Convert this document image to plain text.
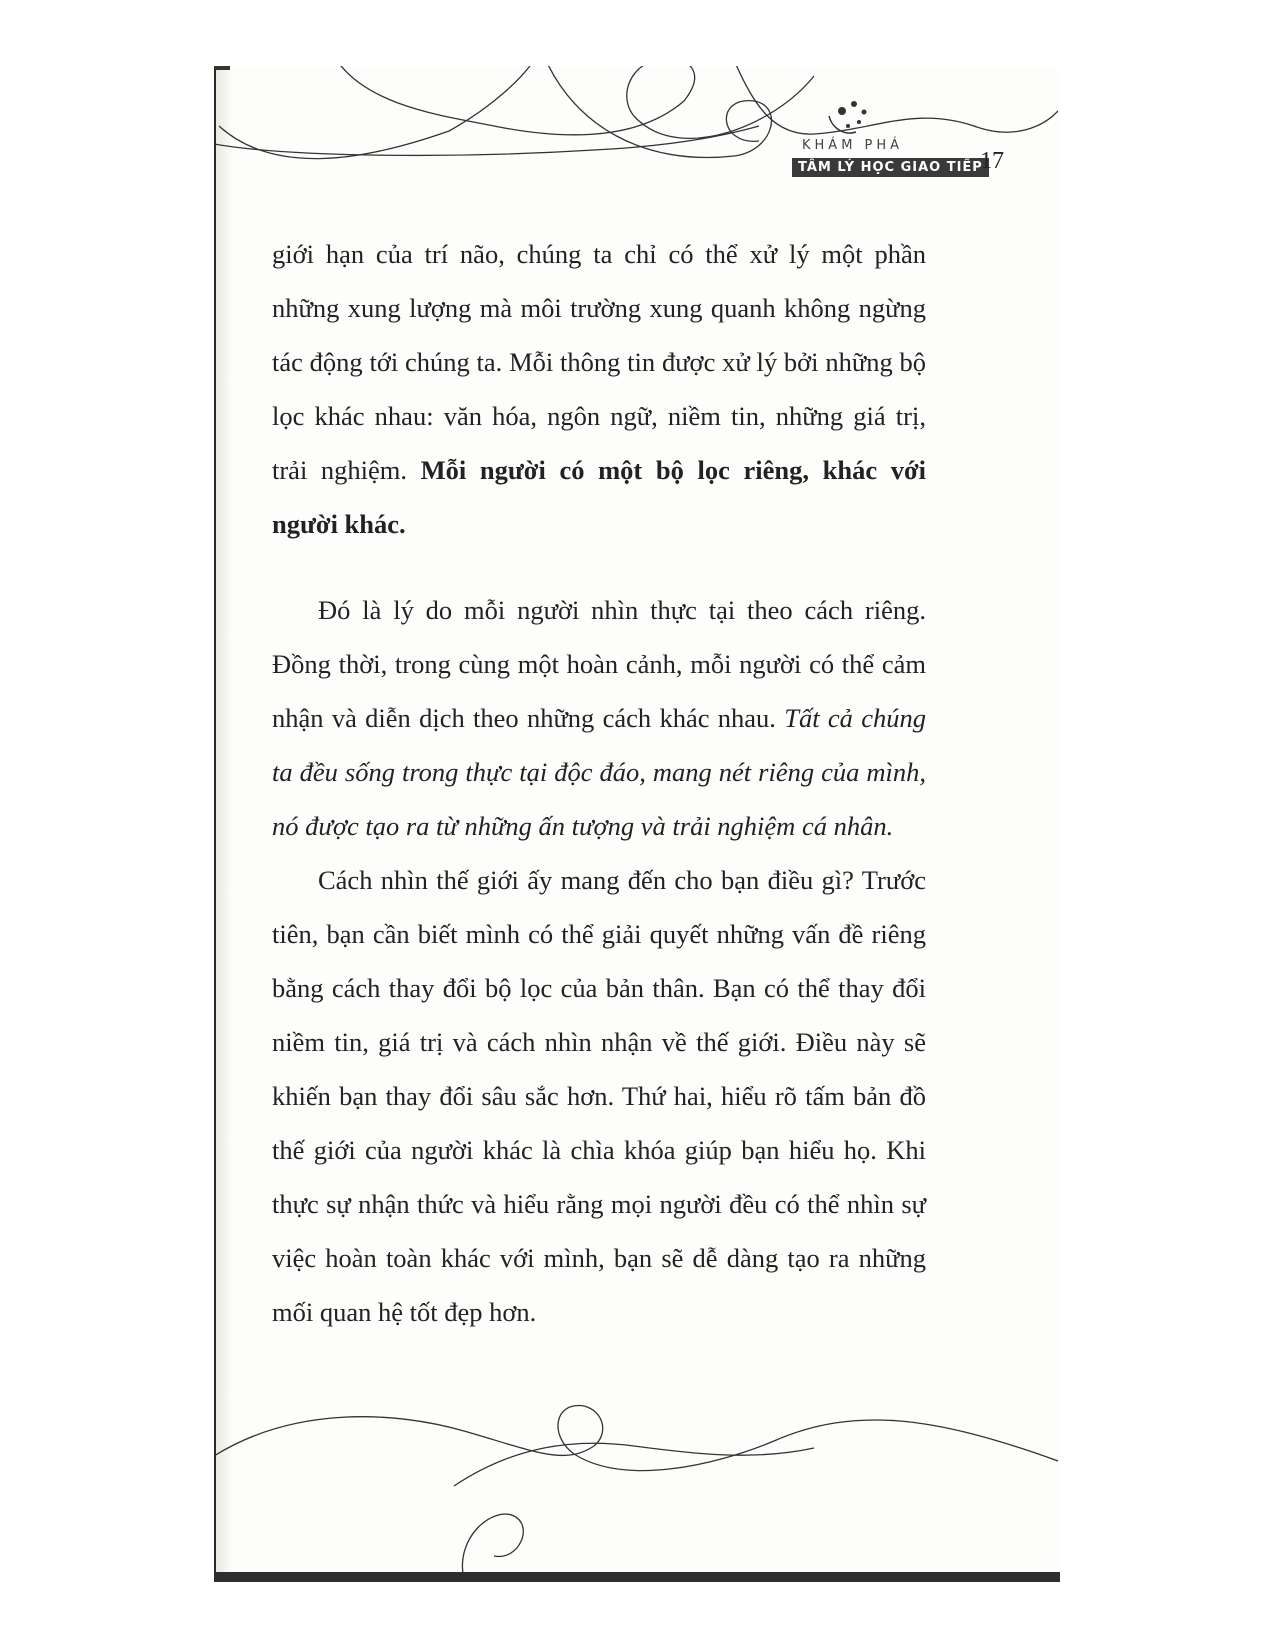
KHÁM PHÁ
TÂM LÝ HỌC GIAO TIẾP
17

giới hạn của trí não, chúng ta chỉ có thể xử lý một phần những xung lượng mà môi trường xung quanh không ngừng tác động tới chúng ta. Mỗi thông tin được xử lý bởi những bộ lọc khác nhau: văn hóa, ngôn ngữ, niềm tin, những giá trị, trải nghiệm. Mỗi người có một bộ lọc riêng, khác với người khác.

Đó là lý do mỗi người nhìn thực tại theo cách riêng. Đồng thời, trong cùng một hoàn cảnh, mỗi người có thể cảm nhận và diễn dịch theo những cách khác nhau. Tất cả chúng ta đều sống trong thực tại độc đáo, mang nét riêng của mình, nó được tạo ra từ những ấn tượng và trải nghiệm cá nhân.

Cách nhìn thế giới ấy mang đến cho bạn điều gì? Trước tiên, bạn cần biết mình có thể giải quyết những vấn đề riêng bằng cách thay đổi bộ lọc của bản thân. Bạn có thể thay đổi niềm tin, giá trị và cách nhìn nhận về thế giới. Điều này sẽ khiến bạn thay đổi sâu sắc hơn. Thứ hai, hiểu rõ tấm bản đồ thế giới của người khác là chìa khóa giúp bạn hiểu họ. Khi thực sự nhận thức và hiểu rằng mọi người đều có thể nhìn sự việc hoàn toàn khác với mình, bạn sẽ dễ dàng tạo ra những mối quan hệ tốt đẹp hơn.
